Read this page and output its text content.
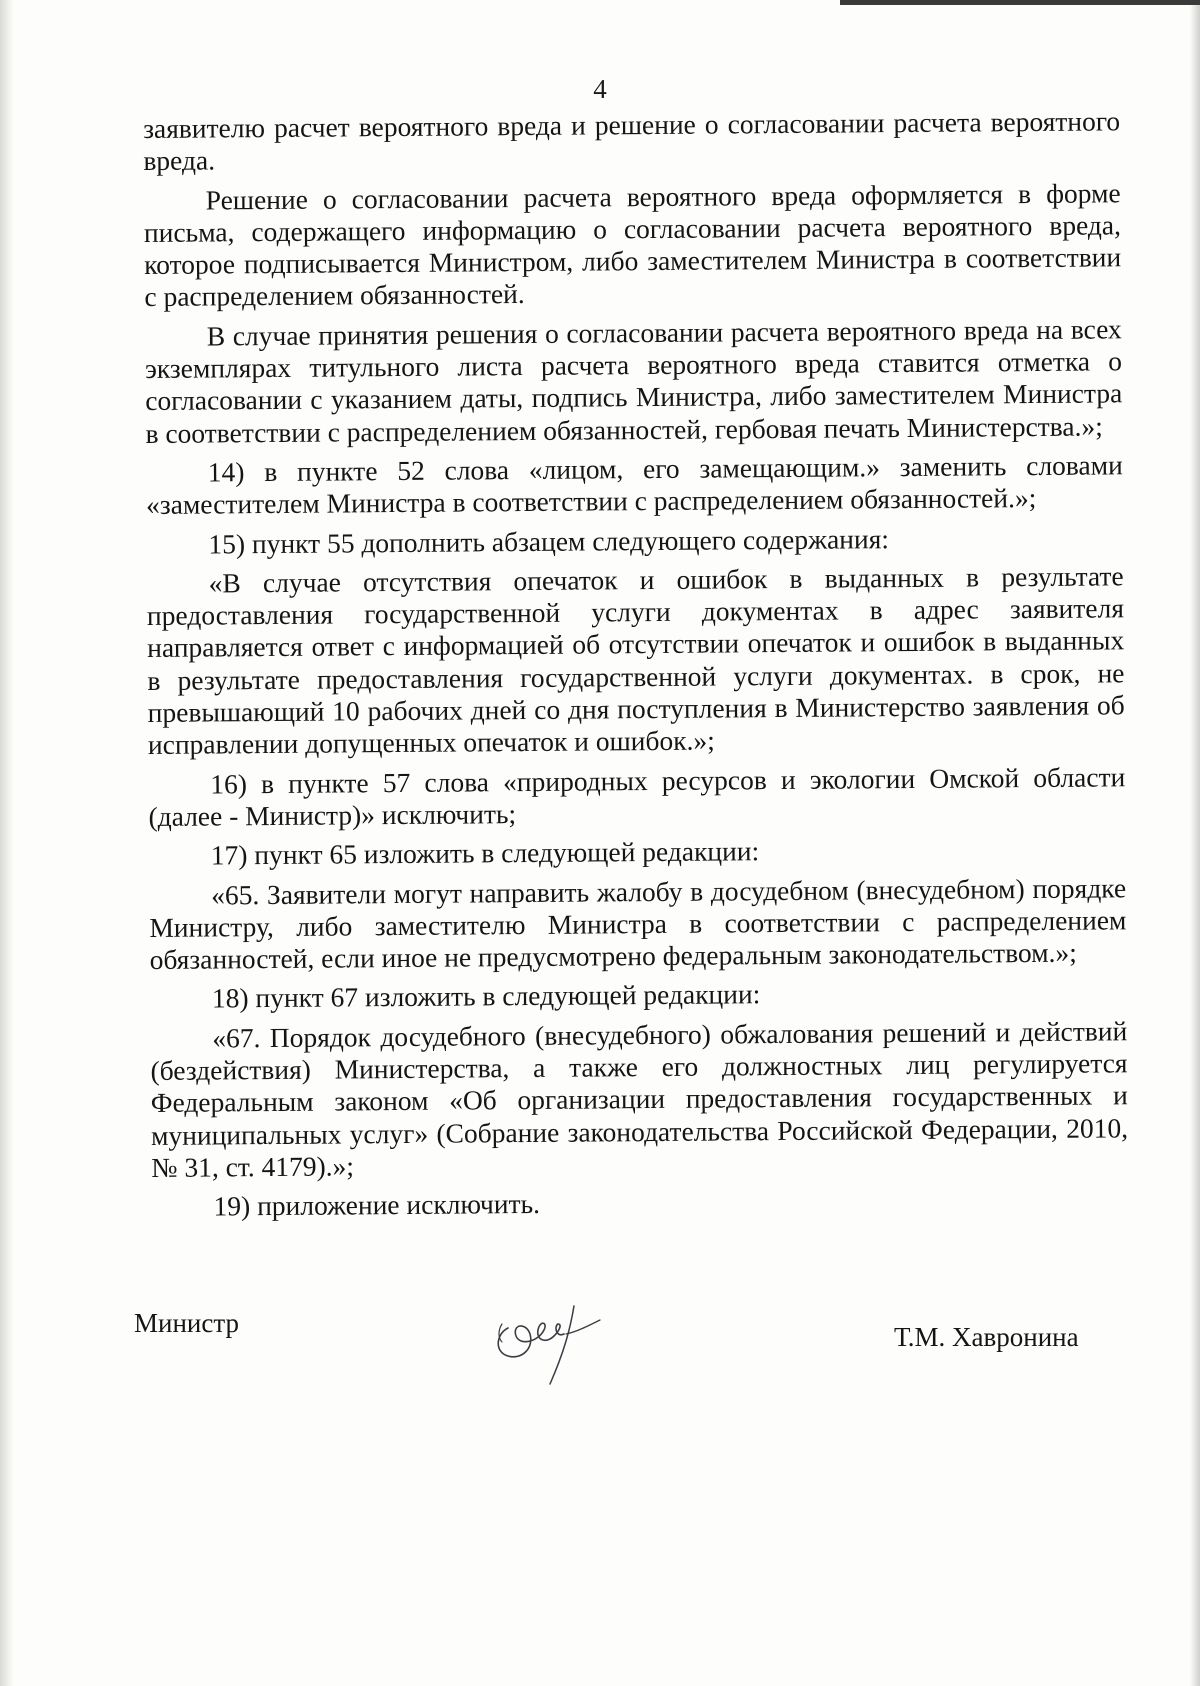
4

заявителю расчет вероятного вреда и решение о согласовании расчета вероятного вреда.

Решение о согласовании расчета вероятного вреда оформляется в форме письма, содержащего информацию о согласовании расчета вероятного вреда, которое подписывается Министром, либо заместителем Министра в соответствии с распределением обязанностей.

В случае принятия решения о согласовании расчета вероятного вреда на всех экземплярах титульного листа расчета вероятного вреда ставится отметка о согласовании с указанием даты, подпись Министра, либо заместителем Министра в соответствии с распределением обязанностей, гербовая печать Министерства.»;

14) в пункте 52 слова «лицом, его замещающим.» заменить словами «заместителем Министра в соответствии с распределением обязанностей.»;

15) пункт 55 дополнить абзацем следующего содержания:

«В случае отсутствия опечаток и ошибок в выданных в результате предоставления государственной услуги документах в адрес заявителя направляется ответ с информацией об отсутствии опечаток и ошибок в выданных в результате предоставления государственной услуги документах. в срок, не превышающий 10 рабочих дней со дня поступления в Министерство заявления об исправлении допущенных опечаток и ошибок.»;

16) в пункте 57 слова «природных ресурсов и экологии Омской области (далее - Министр)» исключить;

17) пункт 65 изложить в следующей редакции:

«65. Заявители могут направить жалобу в досудебном (внесудебном) порядке Министру, либо заместителю Министра в соответствии с распределением обязанностей, если иное не предусмотрено федеральным законодательством.»;

18) пункт 67 изложить в следующей редакции:

«67. Порядок досудебного (внесудебного) обжалования решений и действий (бездействия) Министерства, а также его должностных лиц регулируется Федеральным законом «Об организации предоставления государственных и муниципальных услуг» (Собрание законодательства Российской Федерации, 2010, № 31, ст. 4179).»;

19) приложение исключить.

Министр	Т.М. Хавронина
